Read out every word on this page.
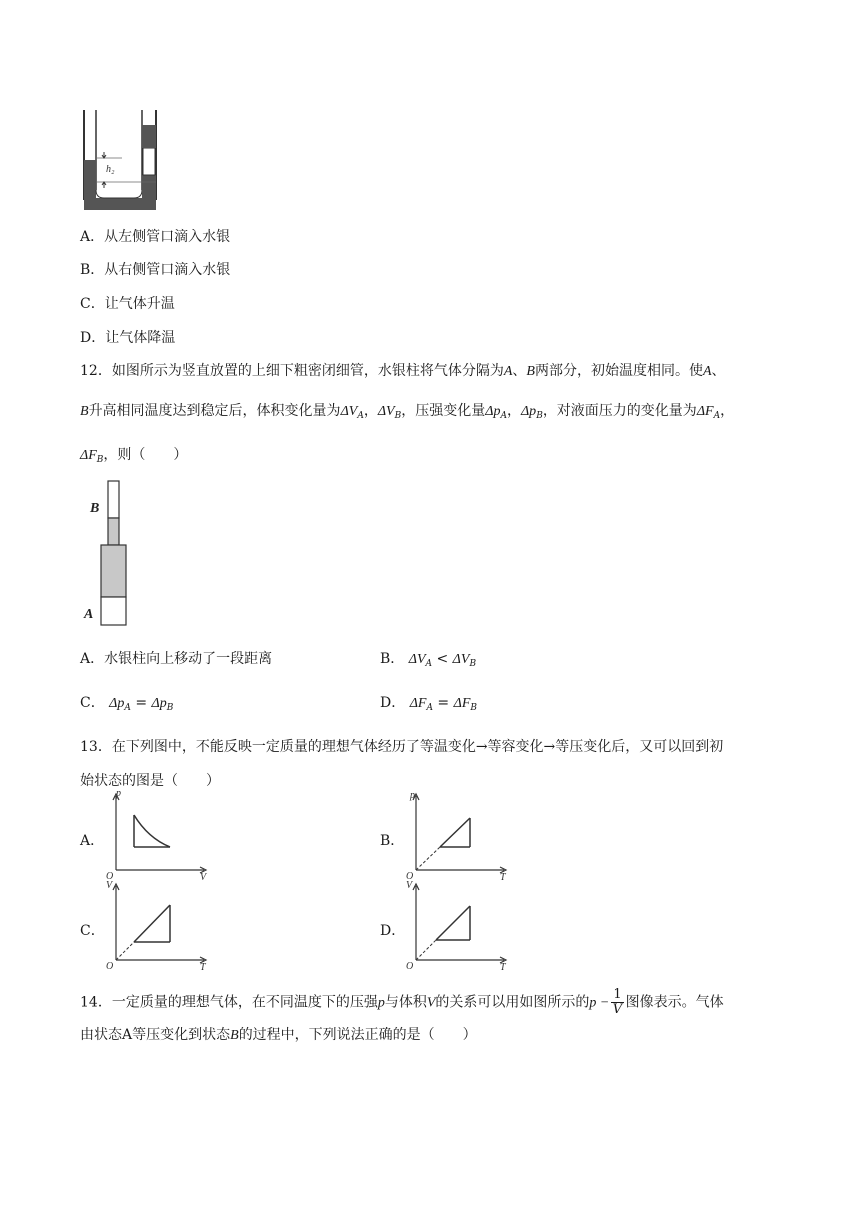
h₂
A．从左侧管口滴入水银
B．从右侧管口滴入水银
C．让气体升温
D．让气体降温
12．如图所示为竖直放置的上细下粗密闭细管，水银柱将气体分隔为A、B两部分，初始温度相同。使A、
B升高相同温度达到稳定后，体积变化量为$\Delta V_A$，$\Delta V_B$，压强变化量$\Delta p_A$，$\Delta p_B$，对液面压力的变化量为$\Delta F_A$，
$\Delta F_B$，则（　　）
B
A
A．水银柱向上移动了一段距离	B． $\Delta V_A < \Delta V_B$
C． $\Delta p_A = \Delta p_B$	D． $\Delta F_A = \Delta F_B$
13．在下列图中，不能反映一定质量的理想气体经历了等温变化→等容变化→等压变化后，又可以回到初
始状态的图是（　　）
A．
p
V
O
B．
p
T
O
C．
V
T
O
D．
V
T
O
14．一定质量的理想气体，在不同温度下的压强p与体积V的关系可以用如图所示的$p - \frac{1}{V}$ 图像表示。气体
由状态A等压变化到状态B的过程中，下列说法正确的是（　　）
